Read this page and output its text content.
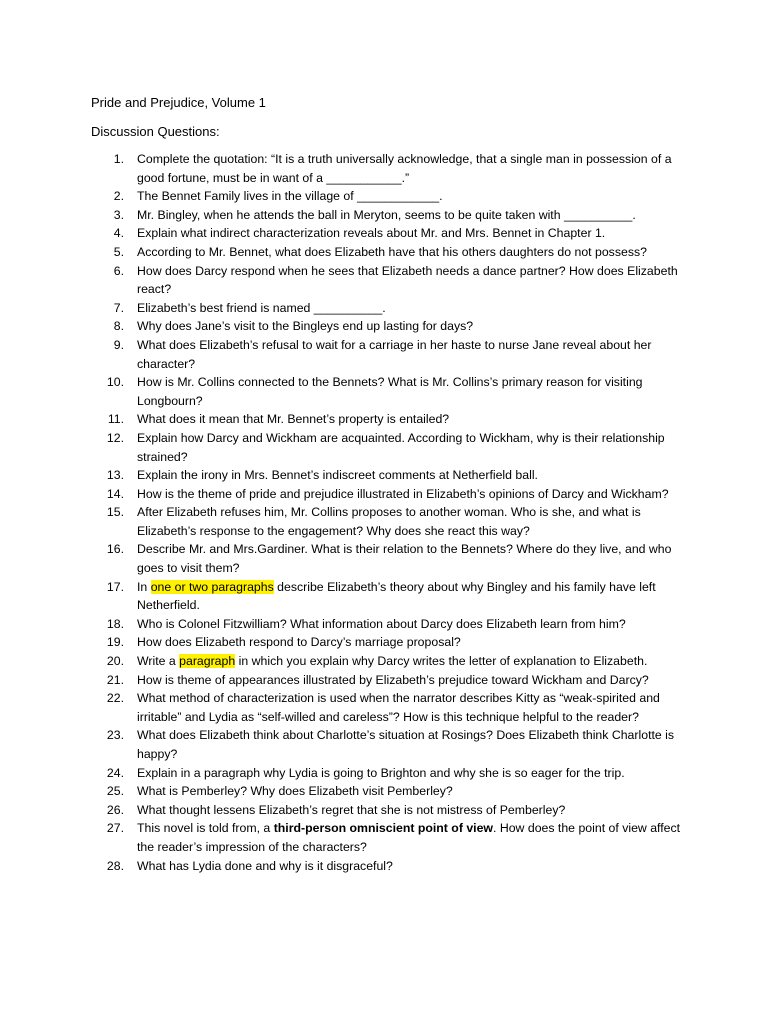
Pride and Prejudice, Volume 1
Discussion Questions:
1. Complete the quotation: “It is a truth universally acknowledge, that a single man in possession of a good fortune, must be in want of a ___________.”
2. The Bennet Family lives in the village of ____________.
3. Mr. Bingley, when he attends the ball in Meryton, seems to be quite taken with __________.
4. Explain what indirect characterization reveals about Mr. and Mrs. Bennet in Chapter 1.
5. According to Mr. Bennet, what does Elizabeth have that his others daughters do not possess?
6. How does Darcy respond when he sees that Elizabeth needs a dance partner? How does Elizabeth react?
7. Elizabeth’s best friend is named __________.
8. Why does Jane’s visit to the Bingleys end up lasting for days?
9. What does Elizabeth’s refusal to wait for a carriage in her haste to nurse Jane reveal about her character?
10. How is Mr. Collins connected to the Bennets? What is Mr. Collins’s primary reason for visiting Longbourn?
11. What does it mean that Mr. Bennet’s property is entailed?
12. Explain how Darcy and Wickham are acquainted. According to Wickham, why is their relationship strained?
13. Explain the irony in Mrs. Bennet’s indiscreet comments at Netherfield ball.
14. How is the theme of pride and prejudice illustrated in Elizabeth’s opinions of Darcy and Wickham?
15. After Elizabeth refuses him, Mr. Collins proposes to another woman. Who is she, and what is Elizabeth’s response to the engagement? Why does she react this way?
16. Describe Mr. and Mrs.Gardiner. What is their relation to the Bennets? Where do they live, and who goes to visit them?
17. In one or two paragraphs describe Elizabeth’s theory about why Bingley and his family have left Netherfield.
18. Who is Colonel Fitzwilliam? What information about Darcy does Elizabeth learn from him?
19. How does Elizabeth respond to Darcy’s marriage proposal?
20. Write a paragraph in which you explain why Darcy writes the letter of explanation to Elizabeth.
21. How is theme of appearances illustrated by Elizabeth’s prejudice toward Wickham and Darcy?
22. What method of characterization is used when the narrator describes Kitty as “weak-spirited and irritable” and Lydia as “self-willed and careless”? How is this technique helpful to the reader?
23. What does Elizabeth think about Charlotte’s situation at Rosings? Does Elizabeth think Charlotte is happy?
24. Explain in a paragraph why Lydia is going to Brighton and why she is so eager for the trip.
25. What is Pemberley? Why does Elizabeth visit Pemberley?
26. What thought lessens Elizabeth’s regret that she is not mistress of Pemberley?
27. This novel is told from, a third-person omniscient point of view. How does the point of view affect the reader’s impression of the characters?
28. What has Lydia done and why is it disgraceful?
